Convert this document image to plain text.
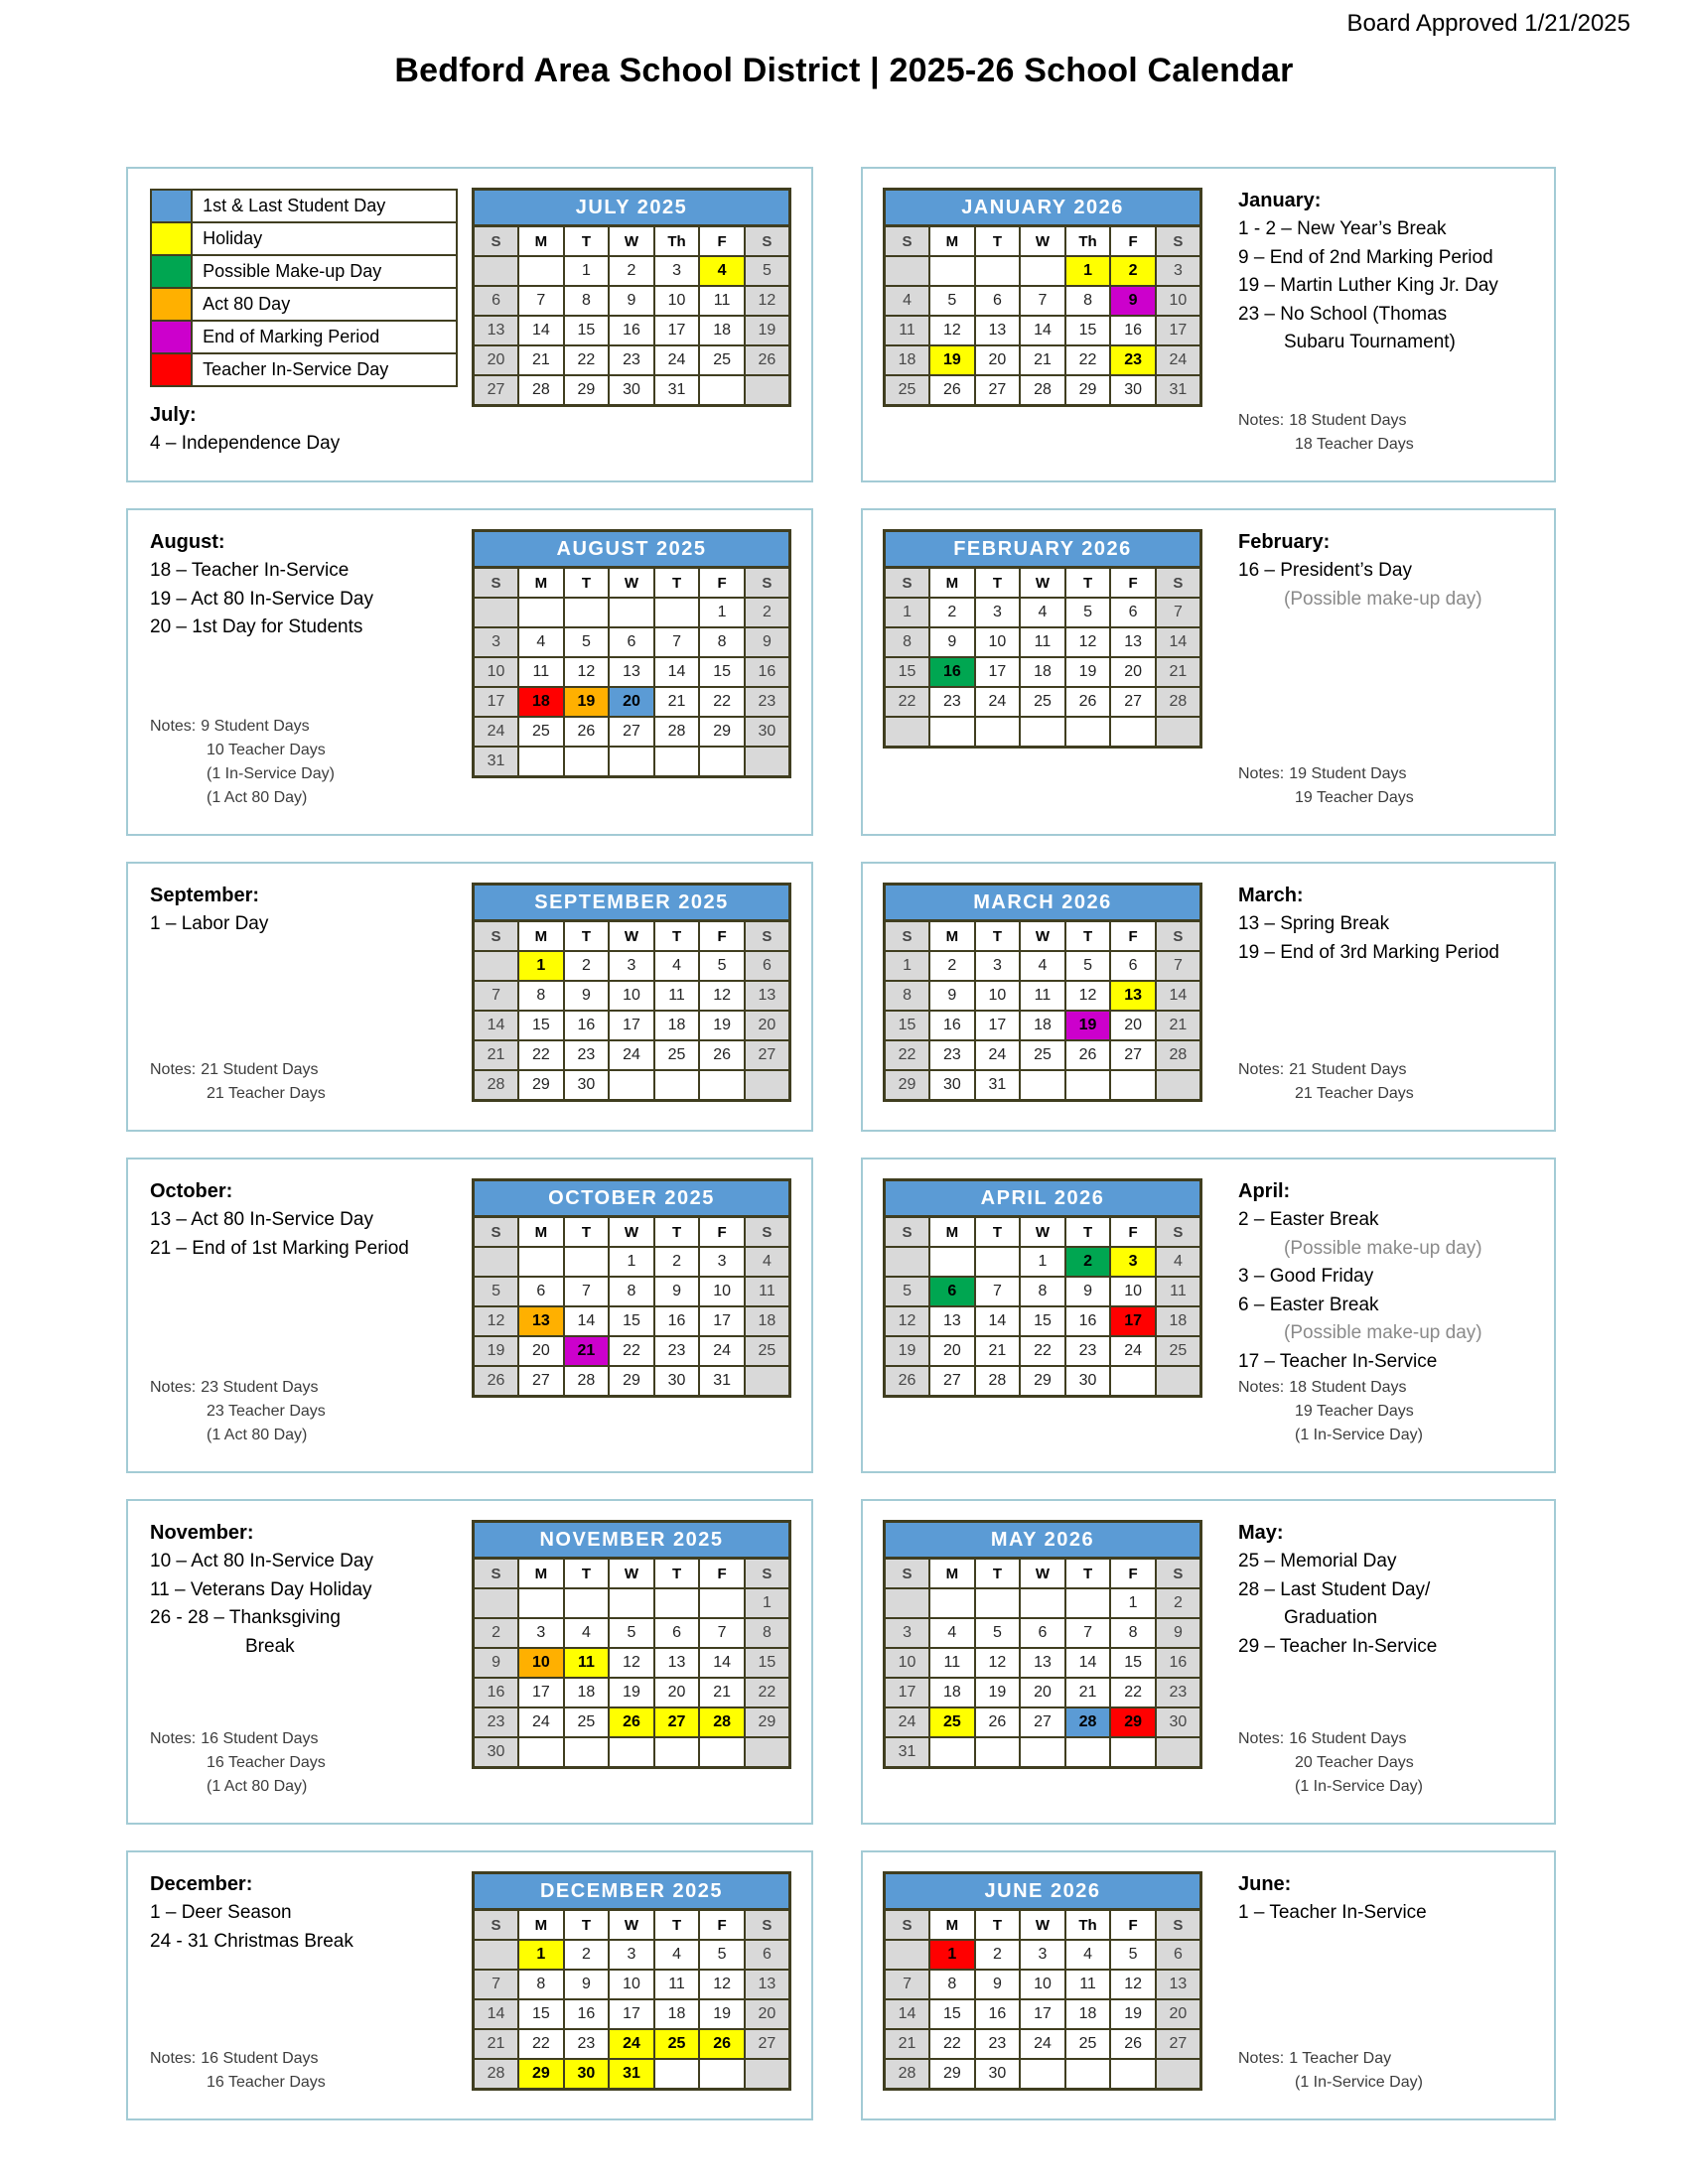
Board Approved 1/21/2025
Bedford Area School District | 2025-26 School Calendar
	1st & Last Student Day
	Holiday
	Possible Make-up Day
	Act 80 Day
	End of Marking Period
	Teacher In-Service Day
July:
4 – Independence Day
JULY 2025
S	M	T	W	Th	F	S
		1	2	3	4	5
6	7	8	9	10	11	12
13	14	15	16	17	18	19
20	21	22	23	24	25	26
27	28	29	30	31		
JANUARY 2026
S	M	T	W	Th	F	S
				1	2	3
4	5	6	7	8	9	10
11	12	13	14	15	16	17
18	19	20	21	22	23	24
25	26	27	28	29	30	31
January:
1 - 2 – New Year’s Break
9 – End of 2nd Marking Period
19 – Martin Luther King Jr. Day
23 – No School (Thomas
Subaru Tournament)
Notes: 18 Student Days
18 Teacher Days
August:
18 – Teacher In-Service
19 – Act 80 In-Service Day
20 – 1st Day for Students
Notes: 9 Student Days
10 Teacher Days
(1 In-Service Day)
(1 Act 80 Day)
AUGUST 2025
S	M	T	W	T	F	S
					1	2
3	4	5	6	7	8	9
10	11	12	13	14	15	16
17	18	19	20	21	22	23
24	25	26	27	28	29	30
31						
FEBRUARY 2026
S	M	T	W	T	F	S
1	2	3	4	5	6	7
8	9	10	11	12	13	14
15	16	17	18	19	20	21
22	23	24	25	26	27	28

February:
16 – President’s Day
(Possible make-up day)
Notes: 19 Student Days
19 Teacher Days
September:
1 – Labor Day
Notes: 21 Student Days
21 Teacher Days
SEPTEMBER 2025
S	M	T	W	T	F	S
	1	2	3	4	5	6
7	8	9	10	11	12	13
14	15	16	17	18	19	20
21	22	23	24	25	26	27
28	29	30				
MARCH 2026
S	M	T	W	T	F	S
1	2	3	4	5	6	7
8	9	10	11	12	13	14
15	16	17	18	19	20	21
22	23	24	25	26	27	28
29	30	31				
March:
13 – Spring Break
19 – End of 3rd Marking Period
Notes: 21 Student Days
21 Teacher Days
October:
13 – Act 80 In-Service Day
21 – End of 1st Marking Period
Notes: 23 Student Days
23 Teacher Days
(1 Act 80 Day)
OCTOBER 2025
S	M	T	W	T	F	S
			1	2	3	4
5	6	7	8	9	10	11
12	13	14	15	16	17	18
19	20	21	22	23	24	25
26	27	28	29	30	31	
APRIL 2026
S	M	T	W	T	F	S
			1	2	3	4
5	6	7	8	9	10	11
12	13	14	15	16	17	18
19	20	21	22	23	24	25
26	27	28	29	30		
April:
2 – Easter Break
(Possible make-up day)
3 – Good Friday
6 – Easter Break
(Possible make-up day)
17 – Teacher In-Service
Notes: 18 Student Days
19 Teacher Days
(1 In-Service Day)
November:
10 – Act 80 In-Service Day
11 – Veterans Day Holiday
26 - 28 – Thanksgiving
Break
Notes: 16 Student Days
16 Teacher Days
(1 Act 80 Day)
NOVEMBER 2025
S	M	T	W	T	F	S
						1
2	3	4	5	6	7	8
9	10	11	12	13	14	15
16	17	18	19	20	21	22
23	24	25	26	27	28	29
30						
MAY 2026
S	M	T	W	T	F	S
					1	2
3	4	5	6	7	8	9
10	11	12	13	14	15	16
17	18	19	20	21	22	23
24	25	26	27	28	29	30
31						
May:
25 – Memorial Day
28 – Last Student Day/
Graduation
29 – Teacher In-Service
Notes: 16 Student Days
20 Teacher Days
(1 In-Service Day)
December:
1 – Deer Season
24 - 31 Christmas Break
Notes: 16 Student Days
16 Teacher Days
DECEMBER 2025
S	M	T	W	T	F	S
	1	2	3	4	5	6
7	8	9	10	11	12	13
14	15	16	17	18	19	20
21	22	23	24	25	26	27
28	29	30	31			
JUNE 2026
S	M	T	W	Th	F	S
	1	2	3	4	5	6
7	8	9	10	11	12	13
14	15	16	17	18	19	20
21	22	23	24	25	26	27
28	29	30				
June:
1 – Teacher In-Service
Notes: 1 Teacher Day
(1 In-Service Day)
